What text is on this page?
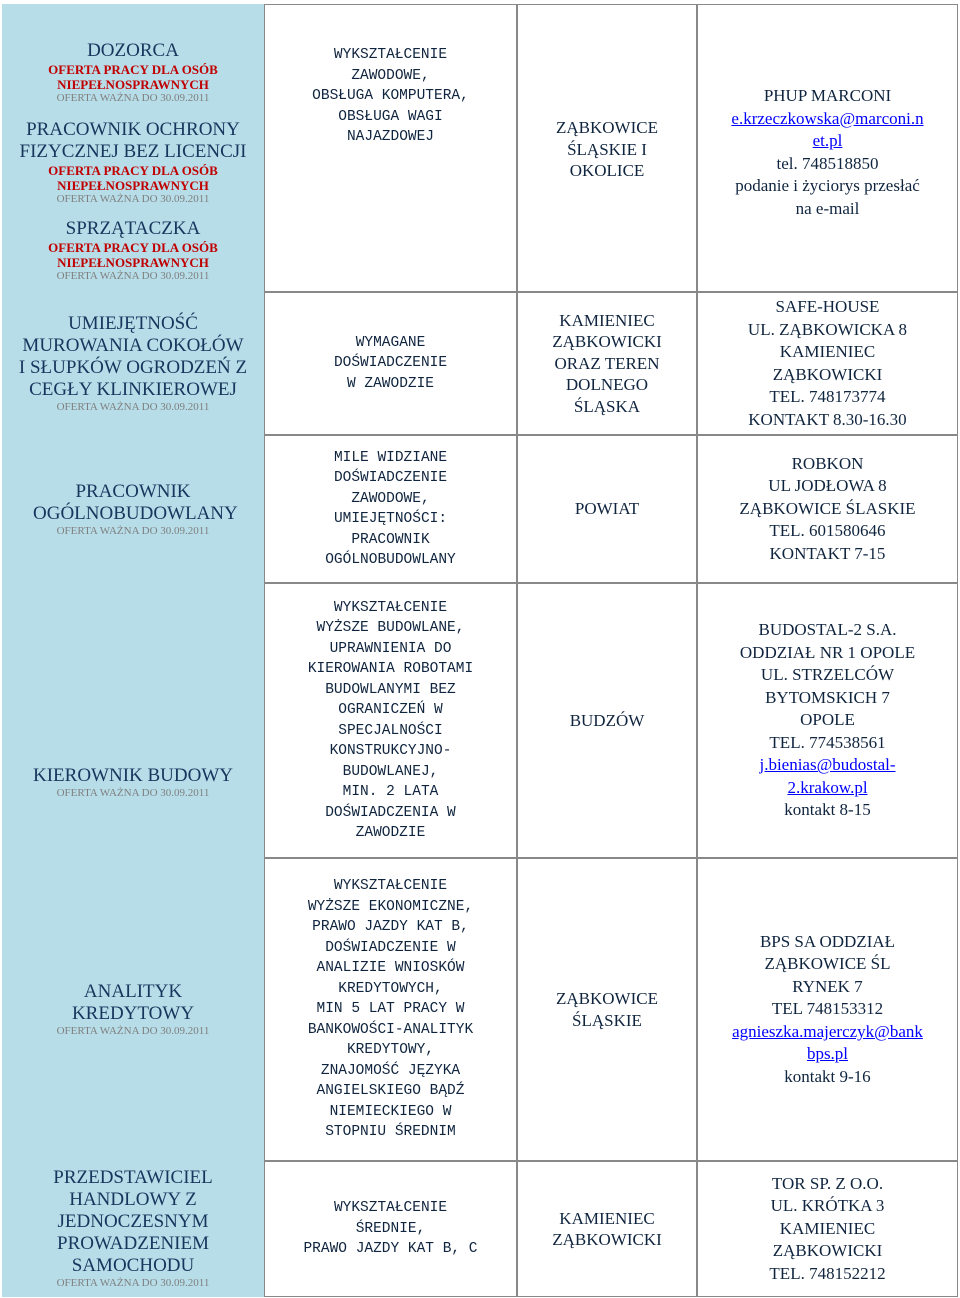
DOZORCA
OFERTA PRACY DLA OSÓB NIEPEŁNOSPRAWNYCH
OFERTA WAŻNA DO 30.09.2011
PRACOWNIK OCHRONY FIZYCZNEJ BEZ LICENCJI
OFERTA PRACY DLA OSÓB NIEPEŁNOSPRAWNYCH
OFERTA WAŻNA DO 30.09.2011
SPRZĄTACZKA
OFERTA PRACY DLA OSÓB NIEPEŁNOSPRAWNYCH
OFERTA WAŻNA DO 30.09.2011
WYKSZTAŁCENIE
ZAWODOWE,
OBSŁUGA KOMPUTERA,
OBSŁUGA WAGI
NAJAZDOWEJ	ZĄBKOWICE
ŚLĄSKIE I
OKOLICE
PHUP MARCONI
e.krzeczkowska@marconi.n
et.pl
tel. 748518850
podanie i życiorys przesłać
na e-mail
UMIEJĘTNOŚĆ MUROWANIA COKOŁÓW I SŁUPKÓW OGRODZEŃ Z CEGŁY KLINKIEROWEJ
OFERTA WAŻNA DO 30.09.2011
WYMAGANE
DOŚWIADCZENIE
W ZAWODZIE
KAMIENIEC
ZĄBKOWICKI
ORAZ TEREN
DOLNEGO
ŚLĄSKA
SAFE-HOUSE
UL. ZĄBKOWICKA 8
KAMIENIEC
ZĄBKOWICKI
TEL. 748173774
KONTAKT 8.30-16.30
PRACOWNIK OGÓLNOBUDOWLANY
OFERTA WAŻNA DO 30.09.2011
MILE WIDZIANE
DOŚWIADCZENIE
ZAWODOWE,
UMIEJĘTNOŚCI:
PRACOWNIK
OGÓLNOBUDOWLANY
POWIAT
ROBKON
UL JODŁOWA 8
ZĄBKOWICE ŚLASKIE
TEL. 601580646
KONTAKT 7-15
KIEROWNIK BUDOWY
OFERTA WAŻNA DO 30.09.2011
WYKSZTAŁCENIE
WYŻSZE BUDOWLANE,
UPRAWNIENIA DO
KIEROWANIA ROBOTAMI
BUDOWLANYMI BEZ
OGRANICZEŃ W
SPECJALNOŚCI
KONSTRUKCYJNO-
BUDOWLANEJ,
MIN. 2 LATA
DOŚWIADCZENIA W
ZAWODZIE
BUDZÓW
BUDOSTAL-2 S.A.
ODDZIAŁ NR 1 OPOLE
UL. STRZELCÓW
BYTOMSKICH 7
OPOLE
TEL. 774538561
j.bienias@budostal-
2.krakow.pl
kontakt 8-15
ANALITYK KREDYTOWY
OFERTA WAŻNA DO 30.09.2011
WYKSZTAŁCENIE
WYŻSZE EKONOMICZNE,
PRAWO JAZDY KAT B,
DOŚWIADCZENIE W
ANALIZIE WNIOSKÓW
KREDYTOWYCH,
MIN 5 LAT PRACY W
BANKOWOŚCI-ANALITYK
KREDYTOWY,
ZNAJOMOŚĆ JĘZYKA
ANGIELSKIEGO BĄDŹ
NIEMIECKIEGO W
STOPNIU ŚREDNIM
ZĄBKOWICE
ŚLĄSKIE
BPS SA ODDZIAŁ
ZĄBKOWICE ŚL
RYNEK 7
TEL 748153312
agnieszka.majerczyk@bank
bps.pl
kontakt 9-16
PRZEDSTAWICIEL HANDLOWY Z JEDNOCZESNYM PROWADZENIEM SAMOCHODU
OFERTA WAŻNA DO 30.09.2011
WYKSZTAŁCENIE
ŚREDNIE,
PRAWO JAZDY KAT B, C
KAMIENIEC
ZĄBKOWICKI
TOR SP. Z O.O.
UL. KRÓTKA 3
KAMIENIEC
ZĄBKOWICKI
TEL. 748152212
